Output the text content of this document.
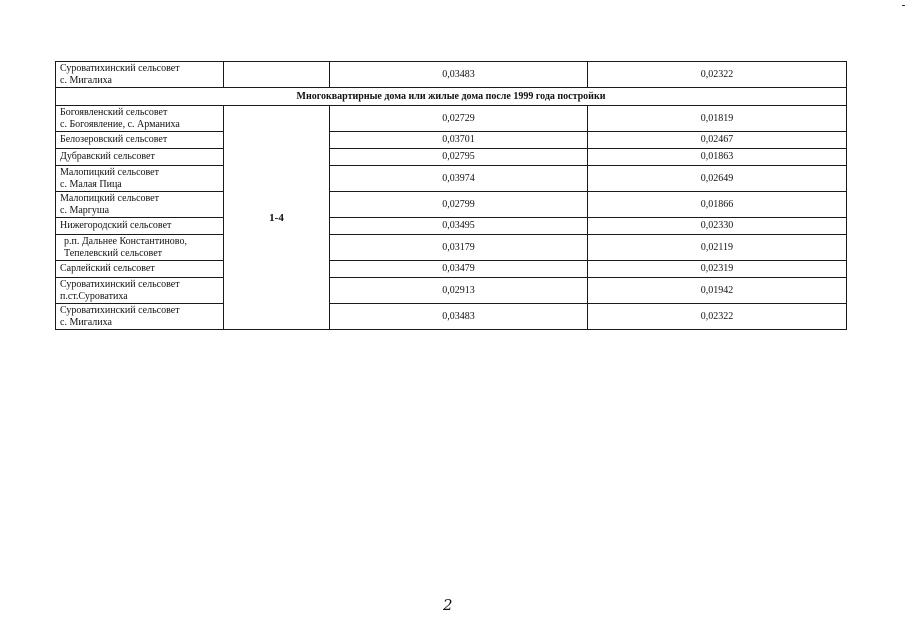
Суроватихинский сельсовет
с. Мигалиха		0,03483	0,02322
Многоквартирные дома или жилые дома после 1999 года постройки			
Богоявленский сельсовет
с. Богоявление, с. Арманиха	1-4	0,02729	0,01819
Белозеровский сельсовет		0,03701	0,02467
Дубравский сельсовет		0,02795	0,01863
Малопицкий сельсовет
с. Малая Пица		0,03974	0,02649
Малопицкий сельсовет
с. Маргуша		0,02799	0,01866
Нижегородский сельсовет		0,03495	0,02330
р.п. Дальнее Константиново,
Тепелевский сельсовет		0,03179	0,02119
Сарлейский сельсовет		0,03479	0,02319
Суроватихинский сельсовет
п.ст.Суроватиха		0,02913	0,01942
Суроватихинский сельсовет
с. Мигалиха		0,03483	0,02322
2
